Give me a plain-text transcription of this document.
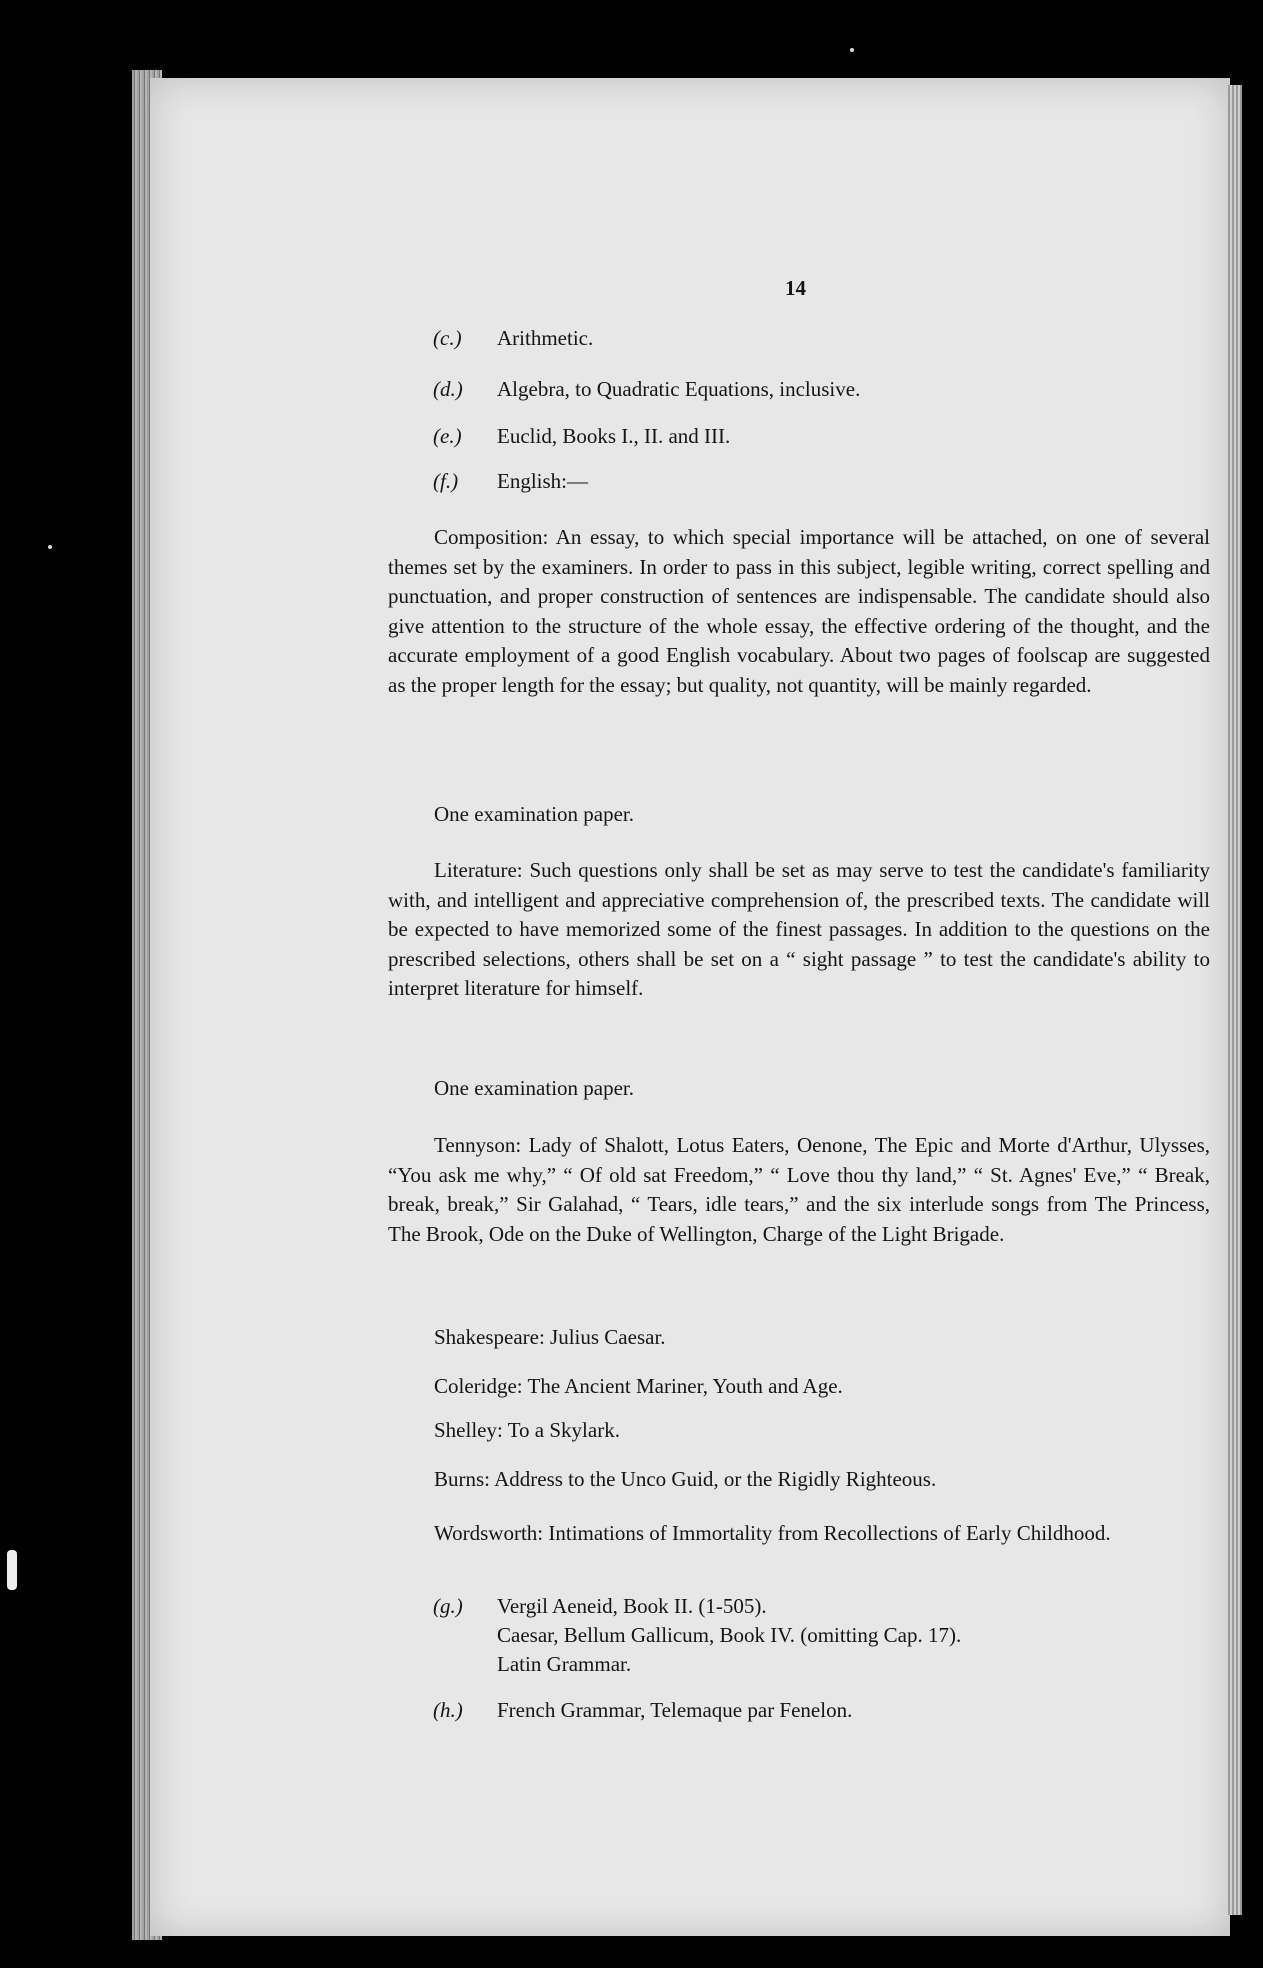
14
(c.) Arithmetic.
(d.) Algebra, to Quadratic Equations, inclusive.
(e.) Euclid, Books I., II. and III.
(f.) English:—
Composition: An essay, to which special importance will be attached, on one of several themes set by the examiners. In order to pass in this subject, legible writing, correct spelling and punctuation, and proper construction of sentences are indispensable. The candidate should also give attention to the structure of the whole essay, the effective ordering of the thought, and the accurate employment of a good English vocabulary. About two pages of foolscap are suggested as the proper length for the essay; but quality, not quantity, will be mainly regarded.
One examination paper.
Literature: Such questions only shall be set as may serve to test the candidate's familiarity with, and intelligent and appreciative comprehension of, the prescribed texts. The candidate will be expected to have memorized some of the finest passages. In addition to the questions on the prescribed selections, others shall be set on a “ sight passage ” to test the candidate's ability to interpret literature for himself.
One examination paper.
Tennyson: Lady of Shalott, Lotus Eaters, Oenone, The Epic and Morte d'Arthur, Ulysses, “You ask me why,” “ Of old sat Freedom,” “ Love thou thy land,” “ St. Agnes' Eve,” “ Break, break, break,” Sir Galahad, “ Tears, idle tears,” and the six interlude songs from The Princess, The Brook, Ode on the Duke of Wellington, Charge of the Light Brigade.
Shakespeare: Julius Caesar.
Coleridge: The Ancient Mariner, Youth and Age.
Shelley: To a Skylark.
Burns: Address to the Unco Guid, or the Rigidly Righteous.
Wordsworth: Intimations of Immortality from Recollections of Early Childhood.
(g.) Vergil Aeneid, Book II. (1-505).
Caesar, Bellum Gallicum, Book IV. (omitting Cap. 17).
Latin Grammar.
(h.) French Grammar, Telemaque par Fenelon.
